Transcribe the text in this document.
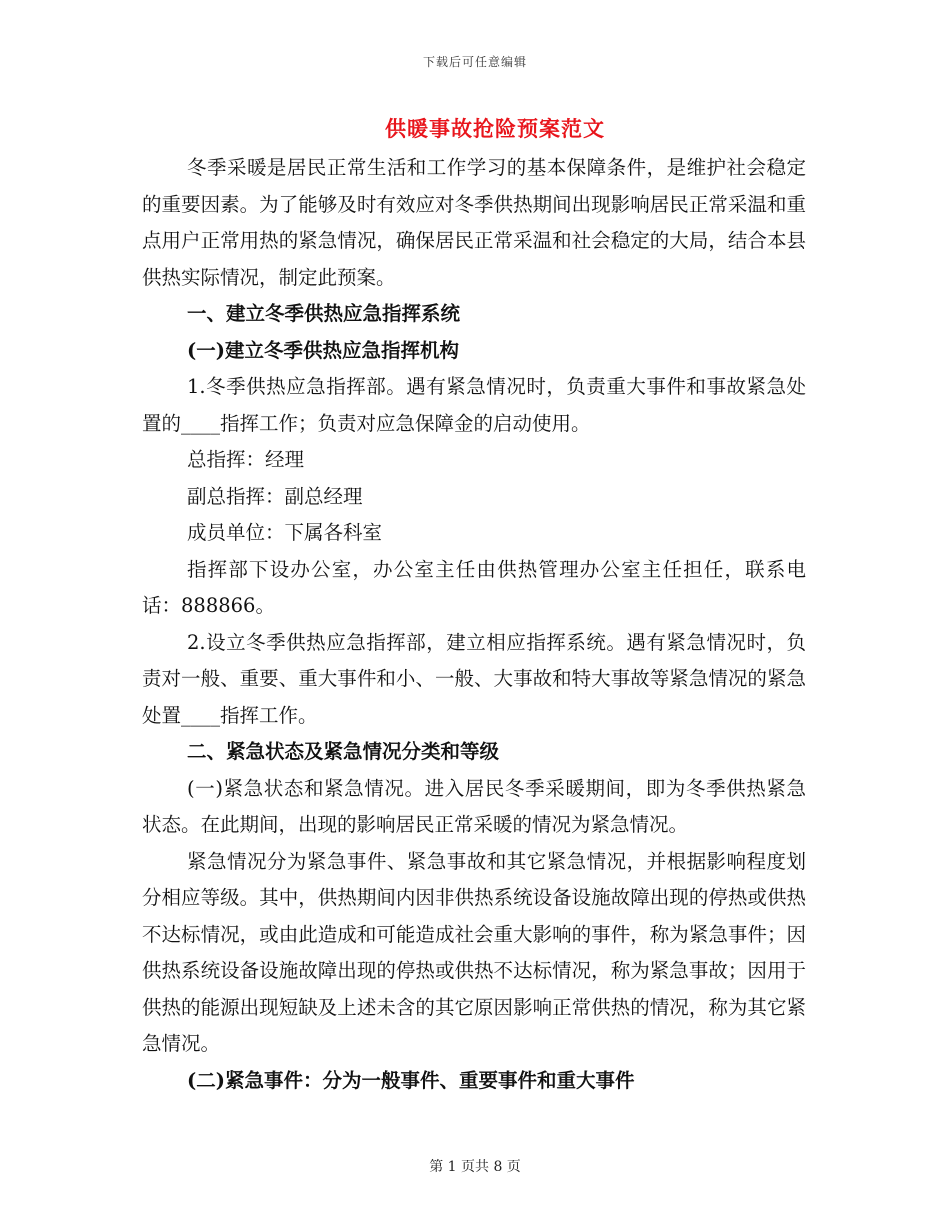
下载后可任意编辑
供暖事故抢险预案范文

冬季采暖是居民正常生活和工作学习的基本保障条件，是维护社会稳定的重要因素。为了能够及时有效应对冬季供热期间出现影响居民正常采温和重点用户正常用热的紧急情况，确保居民正常采温和社会稳定的大局，结合本县供热实际情况，制定此预案。

一、建立冬季供热应急指挥系统

(一)建立冬季供热应急指挥机构

1.冬季供热应急指挥部。遇有紧急情况时，负责重大事件和事故紧急处置的____指挥工作；负责对应急保障金的启动使用。

总指挥：经理

副总指挥：副总经理

成员单位：下属各科室

指挥部下设办公室，办公室主任由供热管理办公室主任担任，联系电话：888866。

2.设立冬季供热应急指挥部，建立相应指挥系统。遇有紧急情况时，负责对一般、重要、重大事件和小、一般、大事故和特大事故等紧急情况的紧急处置____指挥工作。

二、紧急状态及紧急情况分类和等级

(一)紧急状态和紧急情况。进入居民冬季采暖期间，即为冬季供热紧急状态。在此期间，出现的影响居民正常采暖的情况为紧急情况。

紧急情况分为紧急事件、紧急事故和其它紧急情况，并根据影响程度划分相应等级。其中，供热期间内因非供热系统设备设施故障出现的停热或供热不达标情况，或由此造成和可能造成社会重大影响的事件，称为紧急事件；因供热系统设备设施故障出现的停热或供热不达标情况，称为紧急事故；因用于供热的能源出现短缺及上述未含的其它原因影响正常供热的情况，称为其它紧急情况。

(二)紧急事件：分为一般事件、重要事件和重大事件

第 1 页共 8 页
